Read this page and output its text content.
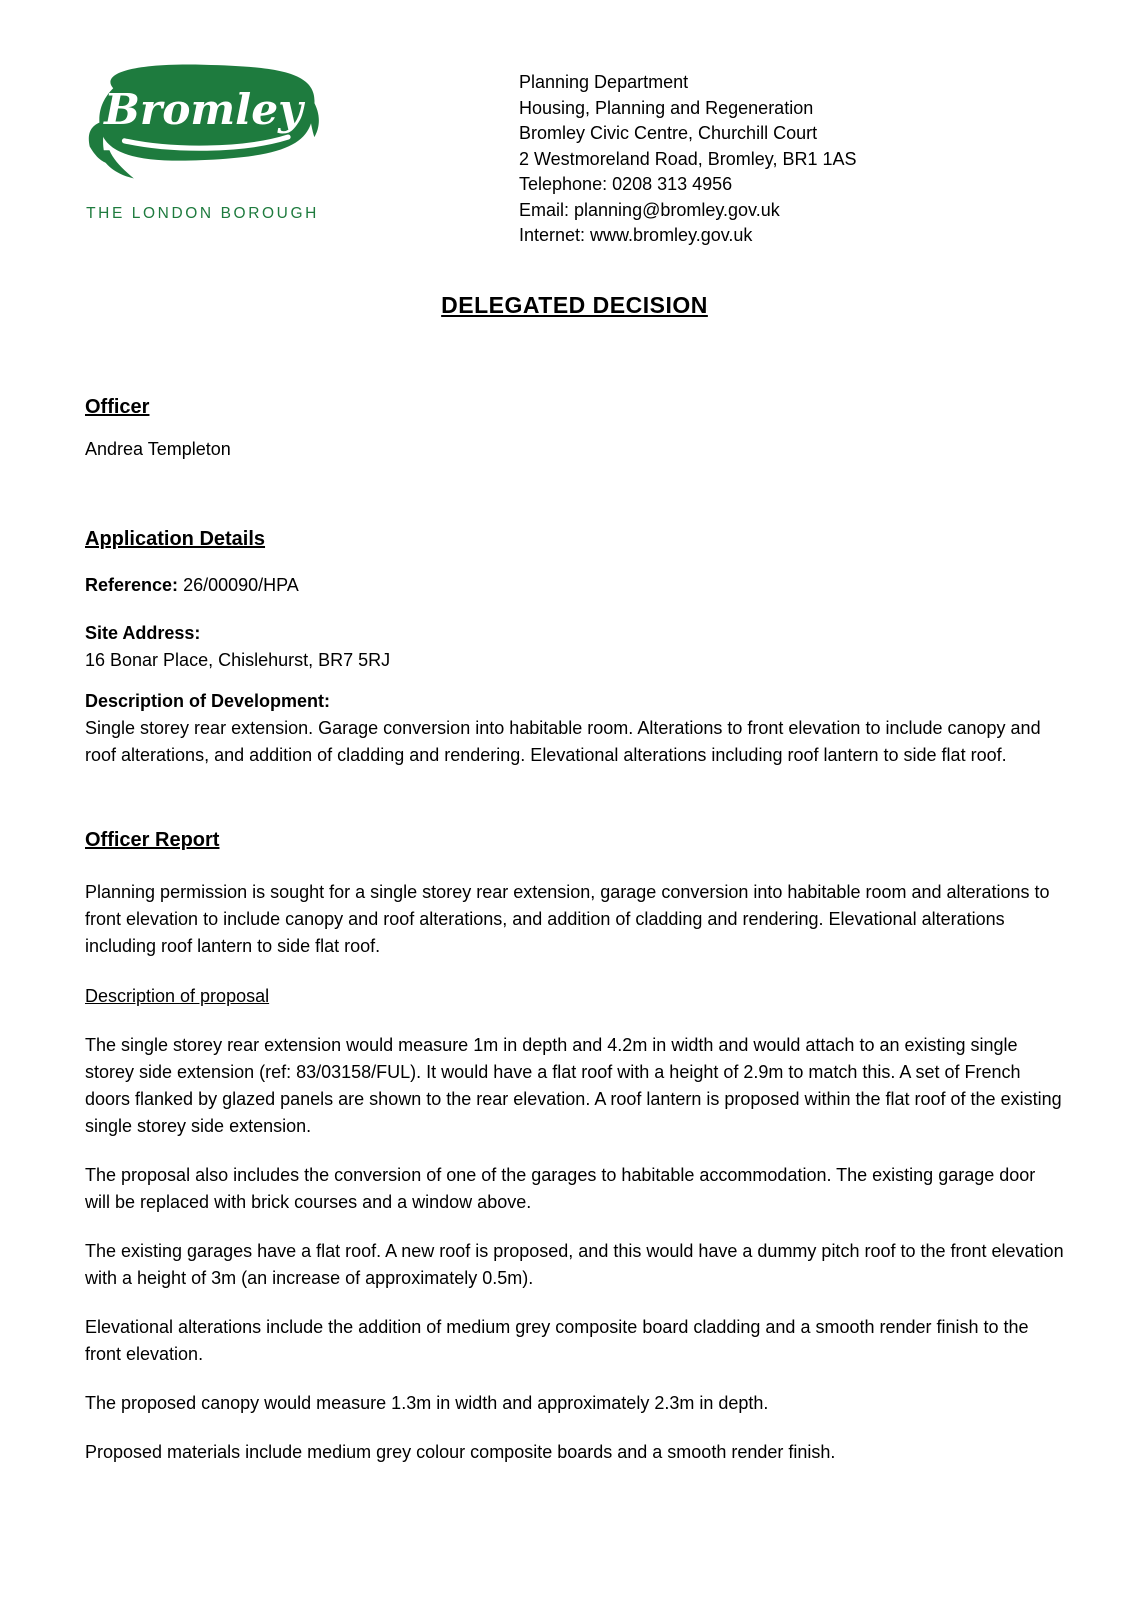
Bromley
THE LONDON BOROUGH
Planning Department
Housing, Planning and Regeneration
Bromley Civic Centre, Churchill Court
2 Westmoreland Road, Bromley, BR1 1AS
Telephone: 0208 313 4956
Email: planning@bromley.gov.uk
Internet: www.bromley.gov.uk
DELEGATED DECISION
Officer
Andrea Templeton
Application Details

Reference: 26/00090/HPA

Site Address:

16 Bonar Place, Chislehurst, BR7 5RJ

Description of Development:

Single storey rear extension. Garage conversion into habitable room. Alterations to front elevation to include canopy and roof alterations, and addition of cladding and rendering. Elevational alterations including roof lantern to side flat roof.

Officer Report

Planning permission is sought for a single storey rear extension, garage conversion into habitable room and alterations to front elevation to include canopy and roof alterations, and addition of cladding and rendering. Elevational alterations including roof lantern to side flat roof.

Description of proposal

The single storey rear extension would measure 1m in depth and 4.2m in width and would attach to an existing single storey side extension (ref: 83/03158/FUL). It would have a flat roof with a height of 2.9m to match this. A set of French doors flanked by glazed panels are shown to the rear elevation. A roof lantern is proposed within the flat roof of the existing single storey side extension.

The proposal also includes the conversion of one of the garages to habitable accommodation. The existing garage door will be replaced with brick courses and a window above.

The existing garages have a flat roof. A new roof is proposed, and this would have a dummy pitch roof to the front elevation with a height of 3m (an increase of approximately 0.5m).

Elevational alterations include the addition of medium grey composite board cladding and a smooth render finish to the front elevation.

The proposed canopy would measure 1.3m in width and approximately 2.3m in depth.

Proposed materials include medium grey colour composite boards and a smooth render finish.
